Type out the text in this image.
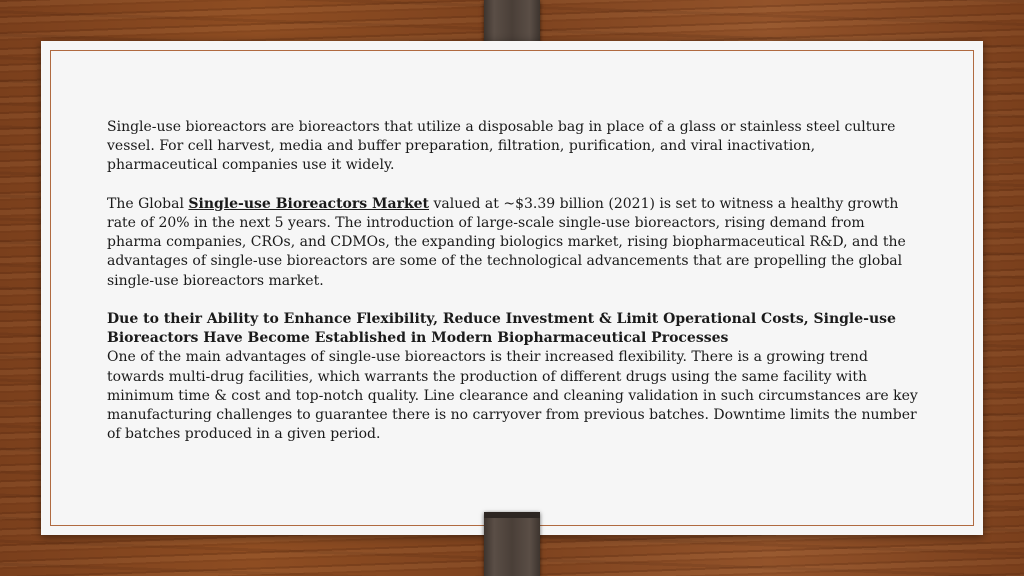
Single-use bioreactors are bioreactors that utilize a disposable bag in place of a glass or stainless steel culture vessel. For cell harvest, media and buffer preparation, filtration, purification, and viral inactivation, pharmaceutical companies use it widely.

The Global Single-use Bioreactors Market valued at ~$3.39 billion (2021) is set to witness a healthy growth rate of 20% in the next 5 years. The introduction of large-scale single-use bioreactors, rising demand from pharma companies, CROs, and CDMOs, the expanding biologics market, rising biopharmaceutical R&D, and the advantages of single-use bioreactors are some of the technological advancements that are propelling the global single-use bioreactors market.

Due to their Ability to Enhance Flexibility, Reduce Investment & Limit Operational Costs, Single-use Bioreactors Have Become Established in Modern Biopharmaceutical Processes

One of the main advantages of single-use bioreactors is their increased flexibility. There is a growing trend towards multi-drug facilities, which warrants the production of different drugs using the same facility with minimum time & cost and top-notch quality. Line clearance and cleaning validation in such circumstances are key manufacturing challenges to guarantee there is no carryover from previous batches. Downtime limits the number of batches produced in a given period.
